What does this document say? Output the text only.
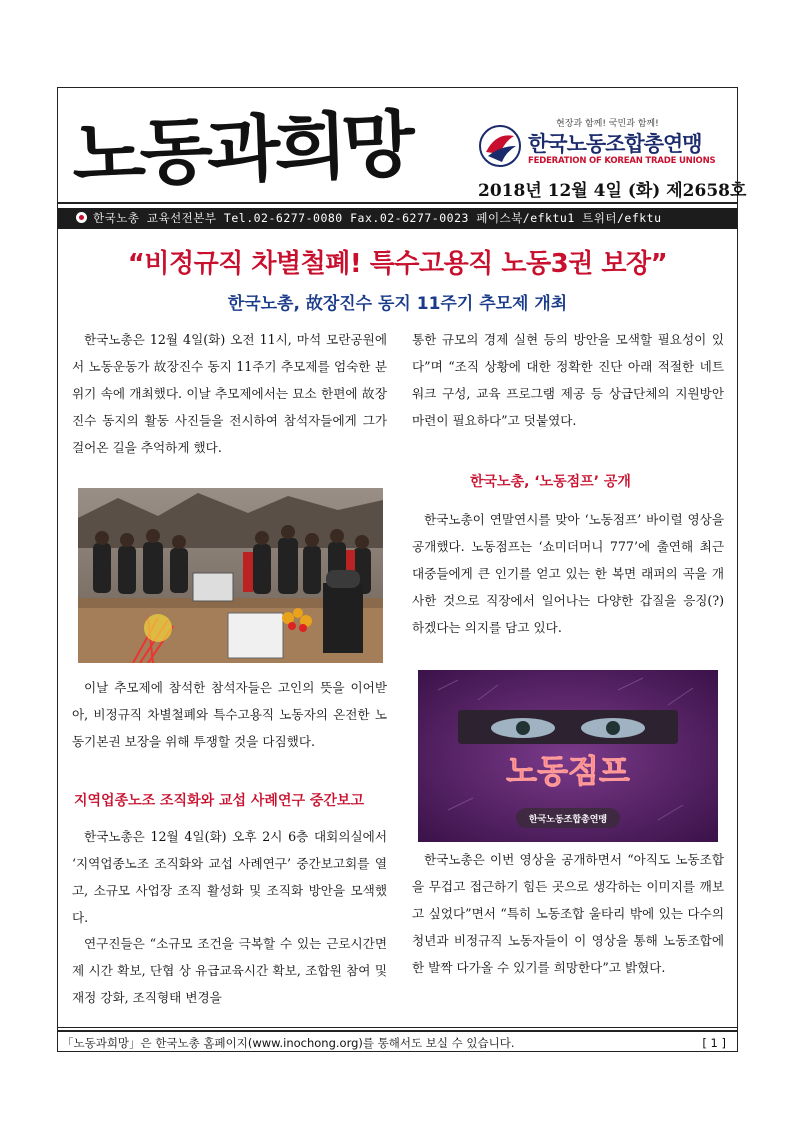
노동과희망	현장과 함께! 국민과 함께!
한국노동조합총연맹
FEDERATION OF KOREAN TRADE UNIONS
2018년 12월 4일 (화) 제2658호
한국노총 교육선전본부 Tel.02-6277-0080 Fax.02-6277-0023 페이스북/efktu1 트위터/efktu
“비정규직 차별철폐! 특수고용직 노동3권 보장”
한국노총, 故장진수 동지 11주기 추모제 개최

한국노총은 12월 4일(화) 오전 11시, 마석 모란공원에서 노동운동가 故장진수 동지 11주기 추모제를 엄숙한 분위기 속에 개최했다. 이날 추모제에서는 묘소 한편에 故장진수 동지의 활동 사진들을 전시하여 참석자들에게 그가 걸어온 길을 추억하게 했다.

이날 추모제에 참석한 참석자들은 고인의 뜻을 이어받아, 비정규직 차별철폐와 특수고용직 노동자의 온전한 노동기본권 보장을 위해 투쟁할 것을 다짐했다.

지역업종노조 조직화와 교섭 사례연구 중간보고

한국노총은 12월 4일(화) 오후 2시 6층 대회의실에서 ‘지역업종노조 조직화와 교섭 사례연구’ 중간보고회를 열고, 소규모 사업장 조직 활성화 및 조직화 방안을 모색했다.

연구진들은 “소규모 조건을 극복할 수 있는 근로시간면제 시간 확보, 단협 상 유급교육시간 확보, 조합원 참여 및 재정 강화, 조직형태 변경을

통한 규모의 경제 실현 등의 방안을 모색할 필요성이 있다”며 “조직 상황에 대한 정확한 진단 아래 적절한 네트워크 구성, 교육 프로그램 제공 등 상급단체의 지원방안 마련이 필요하다”고 덧붙였다.

한국노총, ‘노동점프’ 공개

한국노총이 연말연시를 맞아 ‘노동점프’ 바이럴 영상을 공개했다. 노동점프는 ‘쇼미더머니 777’에 출연해 최근 대중들에게 큰 인기를 얻고 있는 한 복면 래퍼의 곡을 개사한 것으로 직장에서 일어나는 다양한 갑질을 응징(?) 하겠다는 의지를 담고 있다.

노동점프
한국노동조합총연맹

한국노총은 이번 영상을 공개하면서 “아직도 노동조합을 무겁고 접근하기 힘든 곳으로 생각하는 이미지를 깨보고 싶었다”면서 “특히 노동조합 울타리 밖에 있는 다수의 청년과 비정규직 노동자들이 이 영상을 통해 노동조합에 한 발짝 다가올 수 있기를 희망한다”고 밝혔다.

「노동과희망」은 한국노총 홈페이지(www.inochong.org)를 통해서도 보실 수 있습니다.	[ 1 ]
